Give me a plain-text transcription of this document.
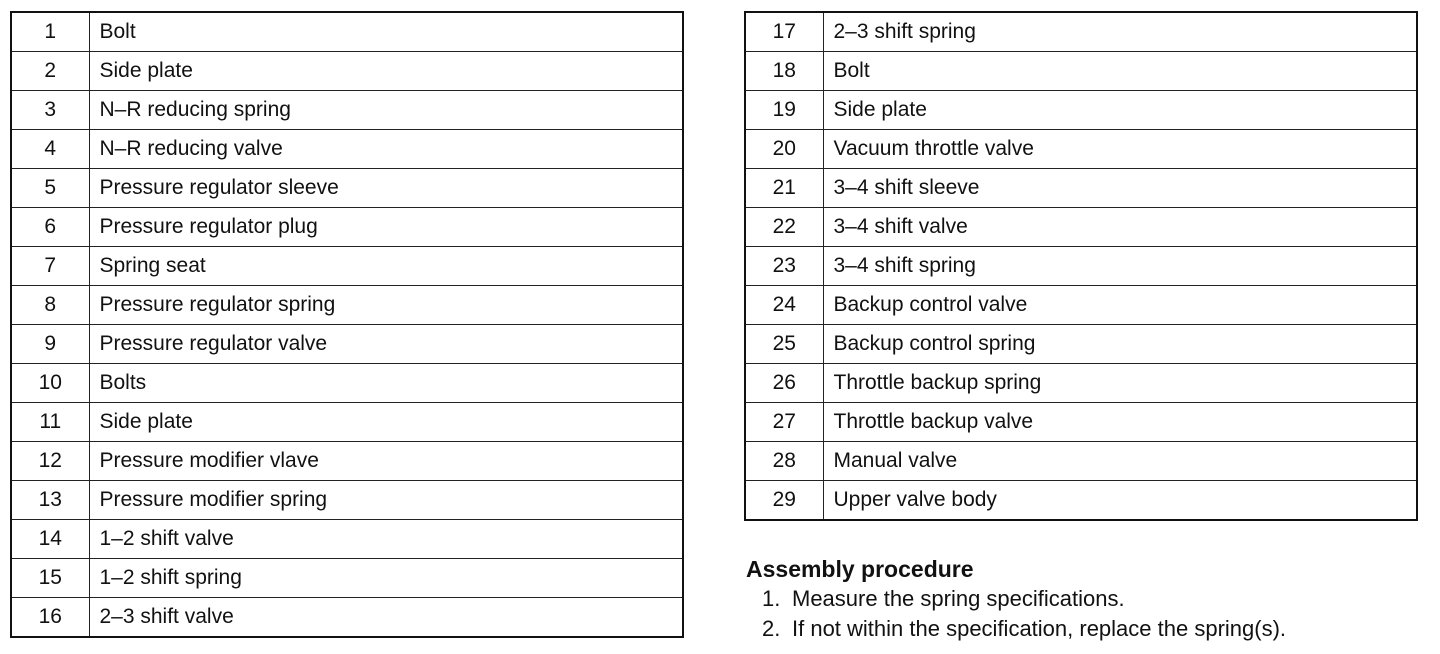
1	Bolt
2	Side plate
3	N–R reducing spring
4	N–R reducing valve
5	Pressure regulator sleeve
6	Pressure regulator plug
7	Spring seat
8	Pressure regulator spring
9	Pressure regulator valve
10	Bolts
11	Side plate
12	Pressure modifier vlave
13	Pressure modifier spring
14	1–2 shift valve
15	1–2 shift spring
16	2–3 shift valve
17	2–3 shift spring
18	Bolt
19	Side plate
20	Vacuum throttle valve
21	3–4 shift sleeve
22	3–4 shift valve
23	3–4 shift spring
24	Backup control valve
25	Backup control spring
26	Throttle backup spring
27	Throttle backup valve
28	Manual valve
29	Upper valve body
Assembly procedure
1. Measure the spring specifications.
2. If not within the specification, replace the spring(s).
